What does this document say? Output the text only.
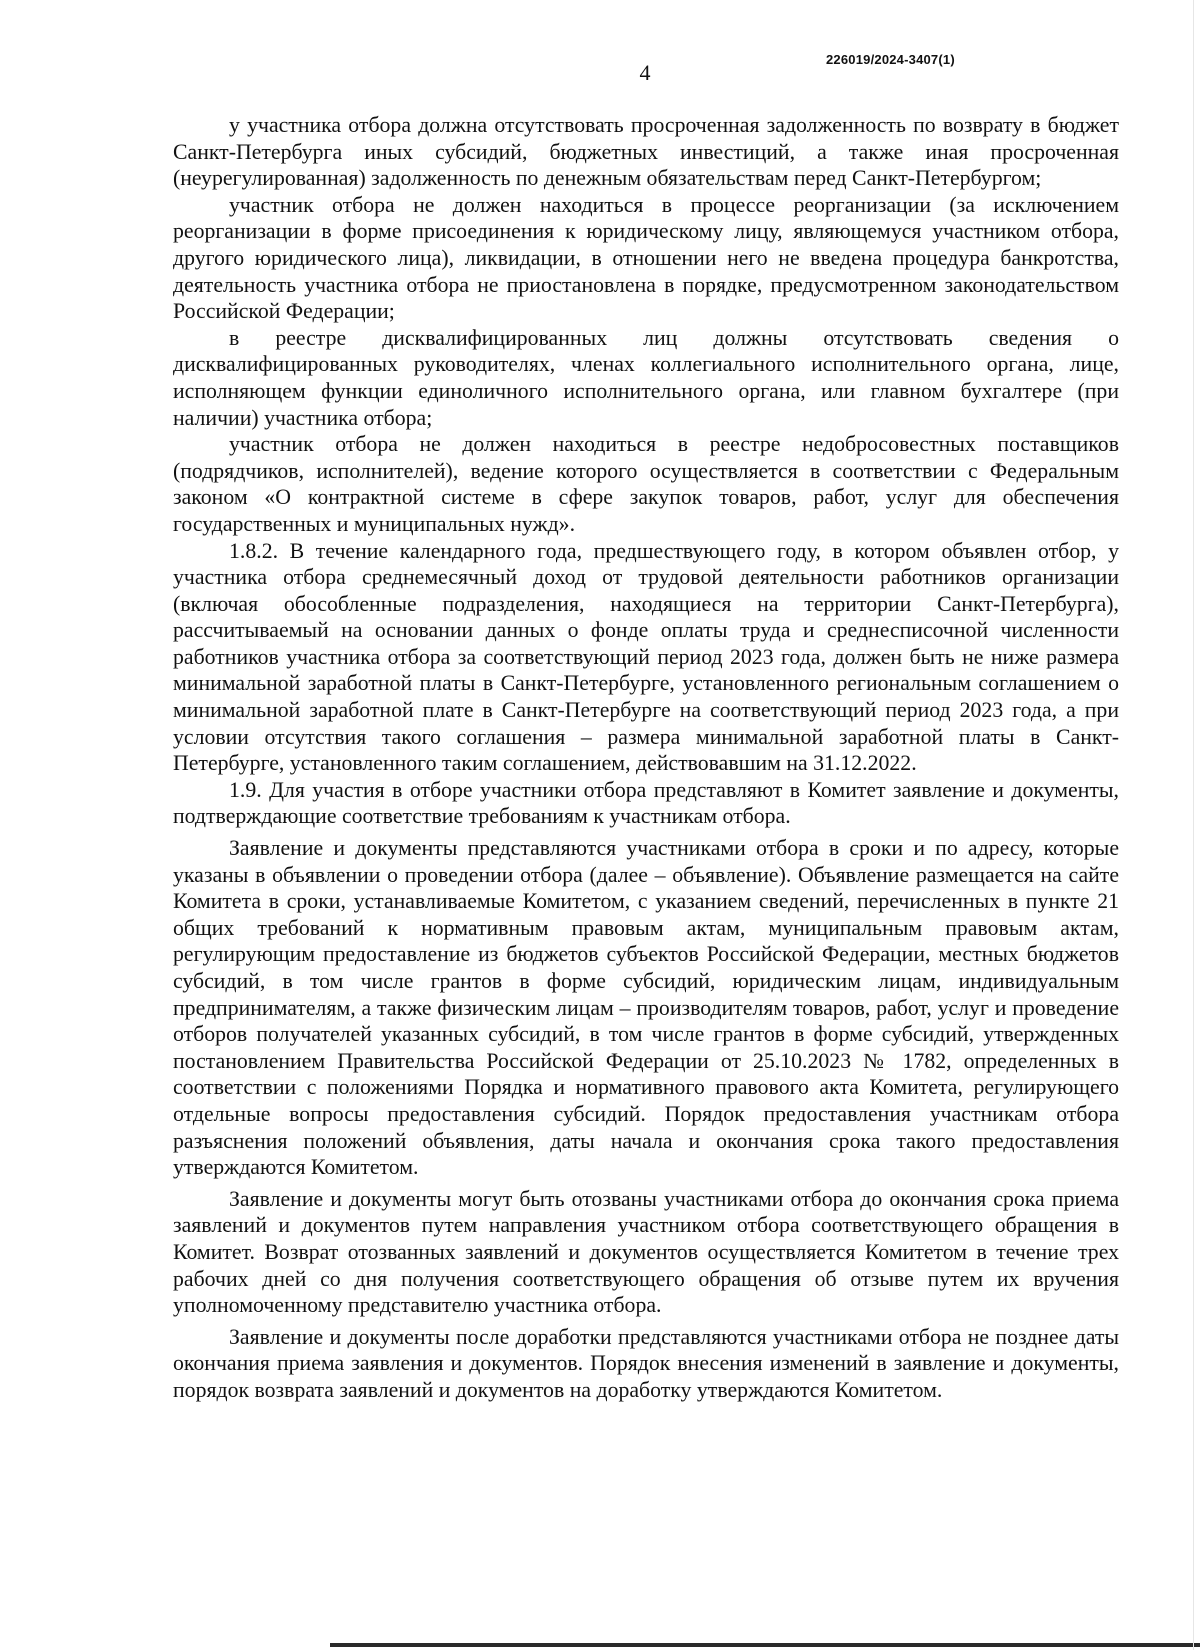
226019/2024-3407(1)
4

у участника отбора должна отсутствовать просроченная задолженность по возврату в бюджет Санкт-Петербурга иных субсидий, бюджетных инвестиций, а также иная просроченная (неурегулированная) задолженность по денежным обязательствам перед Санкт-Петербургом;

участник отбора не должен находиться в процессе реорганизации (за исключением реорганизации в форме присоединения к юридическому лицу, являющемуся участником отбора, другого юридического лица), ликвидации, в отношении него не введена процедура банкротства, деятельность участника отбора не приостановлена в порядке, предусмотренном законодательством Российской Федерации;

в реестре дисквалифицированных лиц должны отсутствовать сведения о дисквалифицированных руководителях, членах коллегиального исполнительного органа, лице, исполняющем функции единоличного исполнительного органа, или главном бухгалтере (при наличии) участника отбора;

участник отбора не должен находиться в реестре недобросовестных поставщиков (подрядчиков, исполнителей), ведение которого осуществляется в соответствии с Федеральным законом «О контрактной системе в сфере закупок товаров, работ, услуг для обеспечения государственных и муниципальных нужд».

1.8.2. В течение календарного года, предшествующего году, в котором объявлен отбор, у участника отбора среднемесячный доход от трудовой деятельности работников организации (включая обособленные подразделения, находящиеся на территории Санкт-Петербурга), рассчитываемый на основании данных о фонде оплаты труда и среднесписочной численности работников участника отбора за соответствующий период 2023 года, должен быть не ниже размера минимальной заработной платы в Санкт-Петербурге, установленного региональным соглашением о минимальной заработной плате в Санкт-Петербурге на соответствующий период 2023 года, а при условии отсутствия такого соглашения – размера минимальной заработной платы в Санкт-Петербурге, установленного таким соглашением, действовавшим на 31.12.2022.

1.9. Для участия в отборе участники отбора представляют в Комитет заявление и документы, подтверждающие соответствие требованиям к участникам отбора.

Заявление и документы представляются участниками отбора в сроки и по адресу, которые указаны в объявлении о проведении отбора (далее – объявление). Объявление размещается на сайте Комитета в сроки, устанавливаемые Комитетом, с указанием сведений, перечисленных в пункте 21 общих требований к нормативным правовым актам, муниципальным правовым актам, регулирующим предоставление из бюджетов субъектов Российской Федерации, местных бюджетов субсидий, в том числе грантов в форме субсидий, юридическим лицам, индивидуальным предпринимателям, а также физическим лицам – производителям товаров, работ, услуг и проведение отборов получателей указанных субсидий, в том числе грантов в форме субсидий, утвержденных постановлением Правительства Российской Федерации от 25.10.2023 № 1782, определенных в соответствии с положениями Порядка и нормативного правового акта Комитета, регулирующего отдельные вопросы предоставления субсидий. Порядок предоставления участникам отбора разъяснения положений объявления, даты начала и окончания срока такого предоставления утверждаются Комитетом.

Заявление и документы могут быть отозваны участниками отбора до окончания срока приема заявлений и документов путем направления участником отбора соответствующего обращения в Комитет. Возврат отозванных заявлений и документов осуществляется Комитетом в течение трех рабочих дней со дня получения соответствующего обращения об отзыве путем их вручения уполномоченному представителю участника отбора.

Заявление и документы после доработки представляются участниками отбора не позднее даты окончания приема заявления и документов. Порядок внесения изменений в заявление и документы, порядок возврата заявлений и документов на доработку утверждаются Комитетом.
